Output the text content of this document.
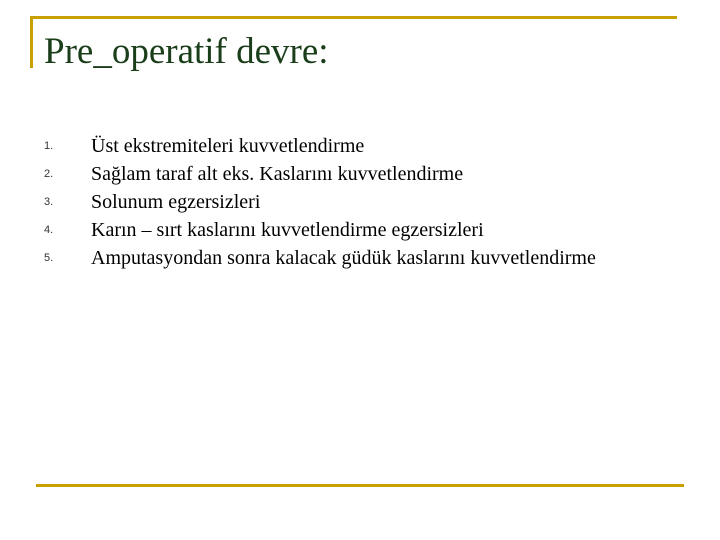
Pre_operatif devre:
1. Üst ekstremiteleri kuvvetlendirme
2. Sağlam taraf alt eks. Kaslarını kuvvetlendirme
3. Solunum egzersizleri
4. Karın – sırt kaslarını kuvvetlendirme egzersizleri
5. Amputasyondan sonra kalacak güdük kaslarını kuvvetlendirme
